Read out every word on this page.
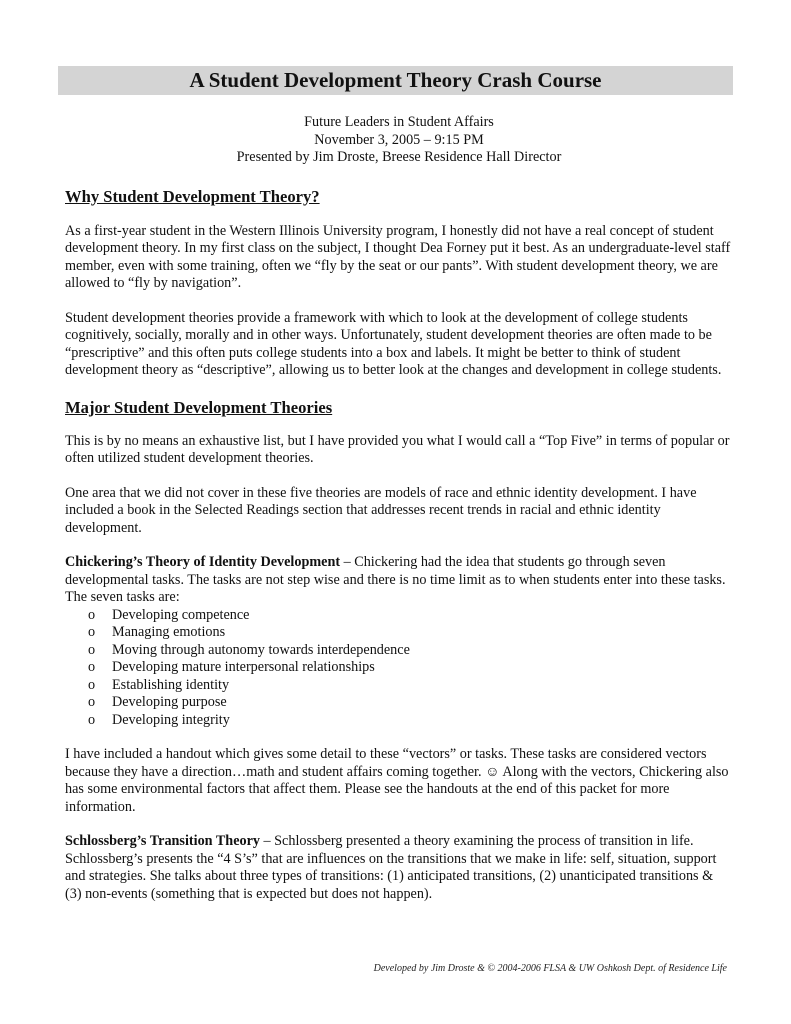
A Student Development Theory Crash Course
Future Leaders in Student Affairs
November 3, 2005 – 9:15 PM
Presented by Jim Droste, Breese Residence Hall Director
Why Student Development Theory?

As a first-year student in the Western Illinois University program, I honestly did not have a real concept of student development theory. In my first class on the subject, I thought Dea Forney put it best. As an undergraduate-level staff member, even with some training, often we “fly by the seat or our pants”. With student development theory, we are allowed to “fly by navigation”.

Student development theories provide a framework with which to look at the development of college students cognitively, socially, morally and in other ways. Unfortunately, student development theories are often made to be “prescriptive” and this often puts college students into a box and labels. It might be better to think of student development theory as “descriptive”, allowing us to better look at the changes and development in college students.

Major Student Development Theories

This is by no means an exhaustive list, but I have provided you what I would call a “Top Five” in terms of popular or often utilized student development theories.

One area that we did not cover in these five theories are models of race and ethnic identity development. I have included a book in the Selected Readings section that addresses recent trends in racial and ethnic identity development.

Chickering’s Theory of Identity Development – Chickering had the idea that students go through seven developmental tasks. The tasks are not step wise and there is no time limit as to when students enter into these tasks. The seven tasks are:

o Developing competence
o Managing emotions
o Moving through autonomy towards interdependence
o Developing mature interpersonal relationships
o Establishing identity
o Developing purpose
o Developing integrity

I have included a handout which gives some detail to these “vectors” or tasks. These tasks are considered vectors because they have a direction…math and student affairs coming together. ☺ Along with the vectors, Chickering also has some environmental factors that affect them. Please see the handouts at the end of this packet for more information.

Schlossberg’s Transition Theory – Schlossberg presented a theory examining the process of transition in life. Schlossberg’s presents the “4 S’s” that are influences on the transitions that we make in life: self, situation, support and strategies. She talks about three types of transitions: (1) anticipated transitions, (2) unanticipated transitions & (3) non-events (something that is expected but does not happen).

Developed by Jim Droste & © 2004-2006 FLSA & UW Oshkosh Dept. of Residence Life
